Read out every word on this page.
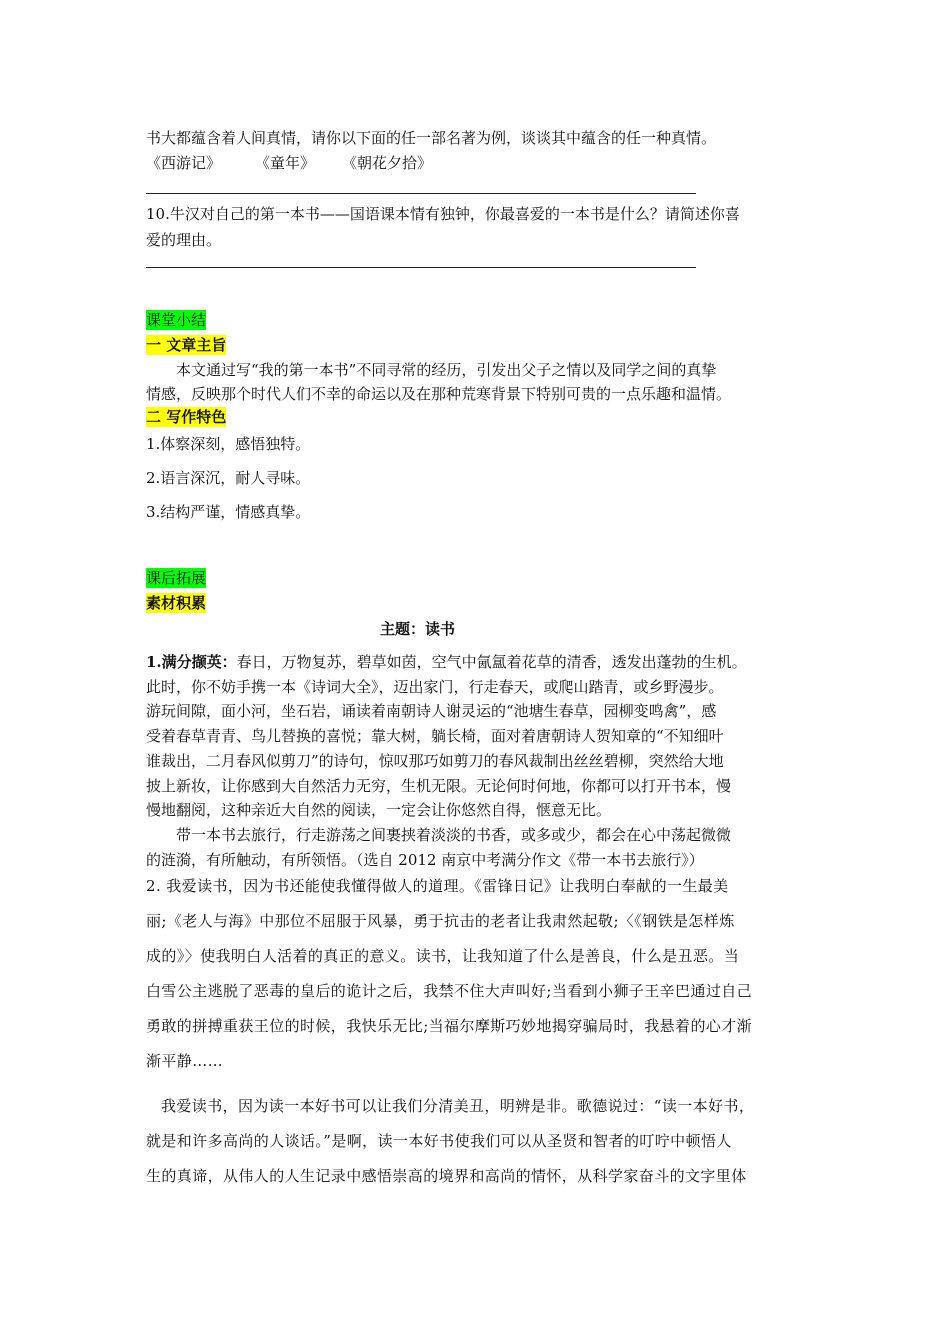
书大都蕴含着人间真情，请你以下面的任一部名著为例，谈谈其中蕴含的任一种真情。
《西游记》 《童年》 《朝花夕拾》
10.牛汉对自己的第一本书——国语课本情有独钟，你最喜爱的一本书是什么？请简述你喜
爱的理由。
课堂小结
一 文章主旨
本文通过写“我的第一本书”不同寻常的经历，引发出父子之情以及同学之间的真挚
情感，反映那个时代人们不幸的命运以及在那种荒寒背景下特别可贵的一点乐趣和温情。
二 写作特色
1.体察深刻，感悟独特。
2.语言深沉，耐人寻味。
3.结构严谨，情感真挚。
课后拓展
素材积累
主题：读书
1.满分撷英：春日，万物复苏，碧草如茵，空气中氤氲着花草的清香，透发出蓬勃的生机。
此时，你不妨手携一本《诗词大全》，迈出家门，行走春天，或爬山踏青，或乡野漫步。
游玩间隙，面小河，坐石岩，诵读着南朝诗人谢灵运的“池塘生春草，园柳变鸣禽”，感
受着春草青青、鸟儿替换的喜悦；靠大树，躺长椅，面对着唐朝诗人贺知章的“不知细叶
谁裁出，二月春风似剪刀”的诗句，惊叹那巧如剪刀的春风裁制出丝丝碧柳，突然给大地
披上新妆，让你感到大自然活力无穷，生机无限。无论何时何地，你都可以打开书本，慢
慢地翻阅，这种亲近大自然的阅读，一定会让你悠然自得，惬意无比。
带一本书去旅行，行走游荡之间裹挟着淡淡的书香，或多或少，都会在心中荡起微微
的涟漪，有所触动，有所领悟。（选自 2012 南京中考满分作文《带一本书去旅行》）
2. 我爱读书，因为书还能使我懂得做人的道理。《雷锋日记》让我明白奉献的一生最美
丽;《老人与海》中那位不屈服于风暴，勇于抗击的老者让我肃然起敬;〈《钢铁是怎样炼
成的》〉使我明白人活着的真正的意义。读书，让我知道了什么是善良，什么是丑恶。当
白雪公主逃脱了恶毒的皇后的诡计之后，我禁不住大声叫好;当看到小狮子王辛巴通过自己
勇敢的拼搏重获王位的时候，我快乐无比;当福尔摩斯巧妙地揭穿骗局时，我悬着的心才渐
渐平静……
我爱读书，因为读一本好书可以让我们分清美丑，明辨是非。歌德说过：“读一本好书，
就是和许多高尚的人谈话。”是啊，读一本好书使我们可以从圣贤和智者的叮咛中顿悟人
生的真谛，从伟人的人生记录中感悟崇高的境界和高尚的情怀，从科学家奋斗的文字里体
